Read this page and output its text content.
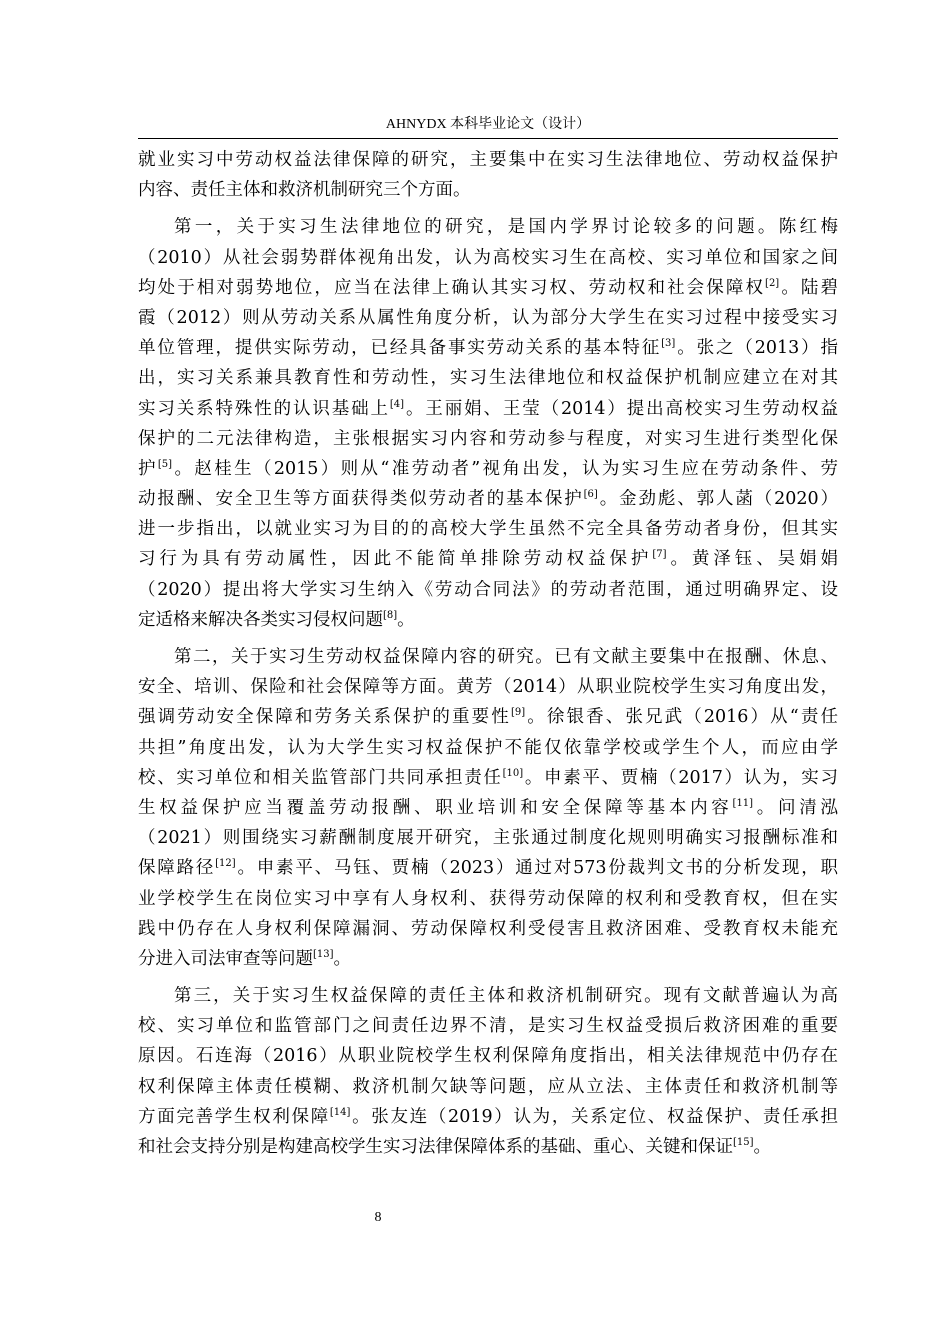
AHNYDX 本科毕业论文（设计）
就业实习中劳动权益法律保障的研究，主要集中在实习生法律地位、劳动权益保护
内容、责任主体和救济机制研究三个方面。
第一，关于实习生法律地位的研究，是国内学界讨论较多的问题。陈红梅
（2010）从社会弱势群体视角出发，认为高校实习生在高校、实习单位和国家之间
均处于相对弱势地位，应当在法律上确认其实习权、劳动权和社会保障权[2]。陆碧
霞（2012）则从劳动关系从属性角度分析，认为部分大学生在实习过程中接受实习
单位管理，提供实际劳动，已经具备事实劳动关系的基本特征[3]。张之（2013）指
出，实习关系兼具教育性和劳动性，实习生法律地位和权益保护机制应建立在对其
实习关系特殊性的认识基础上[4]。王丽娟、王莹（2014）提出高校实习生劳动权益
保护的二元法律构造，主张根据实习内容和劳动参与程度，对实习生进行类型化保
护[5]。赵桂生（2015）则从“准劳动者”视角出发，认为实习生应在劳动条件、劳
动报酬、安全卫生等方面获得类似劳动者的基本保护[6]。金劲彪、郭人菡（2020）
进一步指出，以就业实习为目的的高校大学生虽然不完全具备劳动者身份，但其实
习行为具有劳动属性，因此不能简单排除劳动权益保护[7]。黄泽钰、吴娟娟
（2020）提出将大学实习生纳入《劳动合同法》的劳动者范围，通过明确界定、设
定适格来解决各类实习侵权问题[8]。
第二，关于实习生劳动权益保障内容的研究。已有文献主要集中在报酬、休息、
安全、培训、保险和社会保障等方面。黄芳（2014）从职业院校学生实习角度出发，
强调劳动安全保障和劳务关系保护的重要性[9]。徐银香、张兄武（2016）从“责任
共担”角度出发，认为大学生实习权益保护不能仅依靠学校或学生个人，而应由学
校、实习单位和相关监管部门共同承担责任[10]。申素平、贾楠（2017）认为，实习
生权益保护应当覆盖劳动报酬、职业培训和安全保障等基本内容[11]。问清泓
（2021）则围绕实习薪酬制度展开研究，主张通过制度化规则明确实习报酬标准和
保障路径[12]。申素平、马钰、贾楠（2023）通过对573份裁判文书的分析发现，职
业学校学生在岗位实习中享有人身权利、获得劳动保障的权利和受教育权，但在实
践中仍存在人身权利保障漏洞、劳动保障权利受侵害且救济困难、受教育权未能充
分进入司法审查等问题[13]。
第三，关于实习生权益保障的责任主体和救济机制研究。现有文献普遍认为高
校、实习单位和监管部门之间责任边界不清，是实习生权益受损后救济困难的重要
原因。石连海（2016）从职业院校学生权利保障角度指出，相关法律规范中仍存在
权利保障主体责任模糊、救济机制欠缺等问题，应从立法、主体责任和救济机制等
方面完善学生权利保障[14]。张友连（2019）认为，关系定位、权益保护、责任承担
和社会支持分别是构建高校学生实习法律保障体系的基础、重心、关键和保证[15]。
8
